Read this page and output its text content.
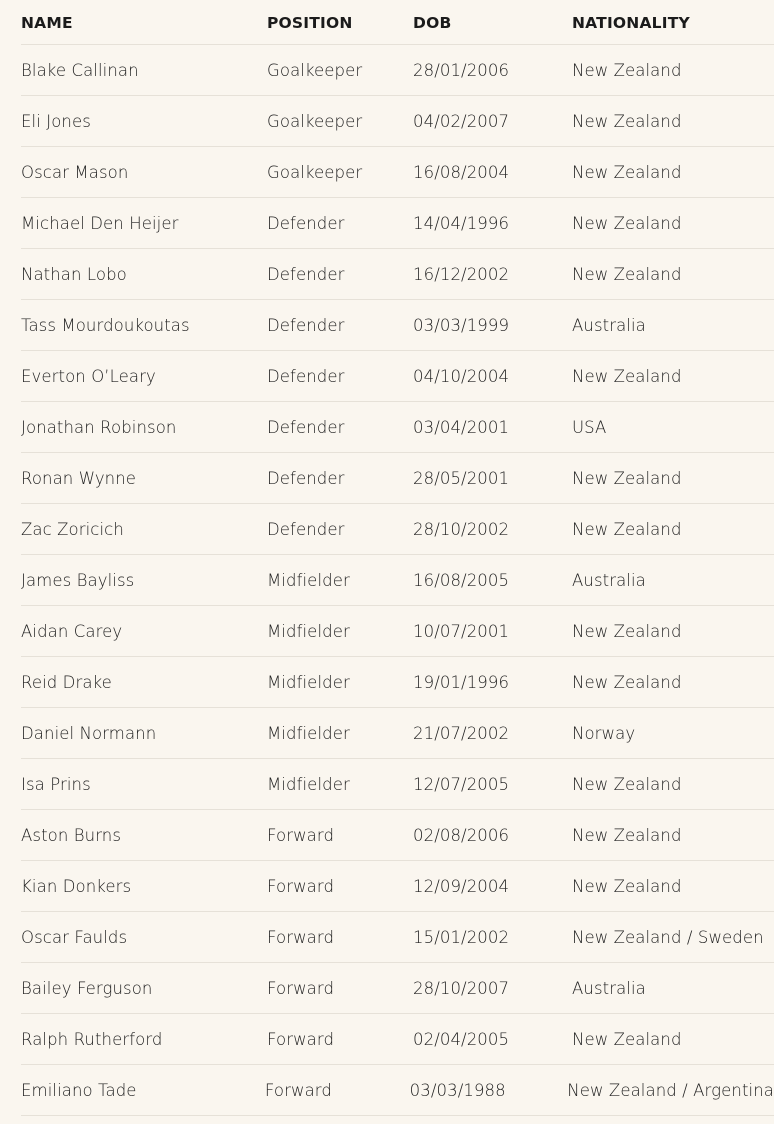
NAME	POSITION	DOB	NATIONALITY
Blake Callinan	Goalkeeper	28/01/2006	New Zealand
Eli Jones	Goalkeeper	04/02/2007	New Zealand
Oscar Mason	Goalkeeper	16/08/2004	New Zealand
Michael Den Heijer	Defender	14/04/1996	New Zealand
Nathan Lobo	Defender	16/12/2002	New Zealand
Tass Mourdoukoutas	Defender	03/03/1999	Australia
Everton O’Leary	Defender	04/10/2004	New Zealand
Jonathan Robinson	Defender	03/04/2001	USA
Ronan Wynne	Defender	28/05/2001	New Zealand
Zac Zoricich	Defender	28/10/2002	New Zealand
James Bayliss	Midfielder	16/08/2005	Australia
Aidan Carey	Midfielder	10/07/2001	New Zealand
Reid Drake	Midfielder	19/01/1996	New Zealand
Daniel Normann	Midfielder	21/07/2002	Norway
Isa Prins	Midfielder	12/07/2005	New Zealand
Aston Burns	Forward	02/08/2006	New Zealand
Kian Donkers	Forward	12/09/2004	New Zealand
Oscar Faulds	Forward	15/01/2002	New Zealand / Sweden
Bailey Ferguson	Forward	28/10/2007	Australia
Ralph Rutherford	Forward	02/04/2005	New Zealand
Emiliano Tade	Forward	03/03/1988	New Zealand / Argentina
